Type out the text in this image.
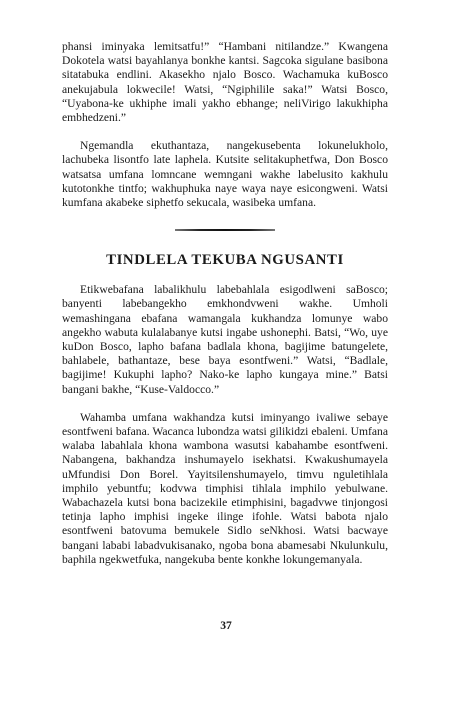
phansi iminyaka lemitsatfu!” “Hambani nitilandze.” Kwangena Dokotela watsi bayahlanya bonkhe kantsi. Sagcoka sigulane basibona sitatabuka endlini. Akasekho njalo Bosco. Wachamuka kuBosco anekujabula lokwecile! Watsi, “Ngiphilile saka!” Watsi Bosco, “Uyabona-ke ukhiphe imali yakho ebhange; neliVirigo lakukhipha embhedzeni.”

Ngemandla ekuthantaza, nangekusebenta lokunelukholo, lachubeka lisontfo late laphela. Kutsite selitakuphetfwa, Don Bosco watsatsa umfana lomncane wemngani wakhe labelusito kakhulu kutotonkhe tintfo; wakhuphuka naye waya naye esicongweni. Watsi kumfana akabeke siphetfo sekucala, wasibeka umfana.

TINDLELA TEKUBA NGUSANTI

Etikwebafana labalikhulu labebahlala esigodlweni saBosco; banyenti labebangekho emkhondvweni wakhe. Umholi wemashingana ebafana wamangala kukhandza lomunye wabo angekho wabuta kulalabanye kutsi ingabe ushonephi. Batsi, “Wo, uye kuDon Bosco, lapho bafana badlala khona, bagijime batungelete, bahlabele, bathantaze, bese baya esontfweni.” Watsi, “Badlale, bagijime! Kukuphi lapho? Nako-ke lapho kungaya mine.” Batsi bangani bakhe, “Kuse-Valdocco.”

Wahamba umfana wakhandza kutsi iminyango ivaliwe sebaye esontfweni bafana. Wacanca lubondza watsi gilikidzi ebaleni. Umfana walaba labahlala khona wambona wasutsi kabahambe esontfweni. Nabangena, bakhandza inshumayelo isekhatsi. Kwakushumayela uMfundisi Don Borel. Yayitsilenshumayelo, timvu nguletihlala imphilo yebuntfu; kodvwa timphisi tihlala imphilo yebulwane. Wabachazela kutsi bona bacizekile etimphisini, bagadvwe tinjongosi tetinja lapho imphisi ingeke ilinge ifohle. Watsi babota njalo esontfweni batovuma bemukele Sidlo seNkhosi. Watsi bacwaye bangani lababi labadvukisanako, ngoba bona abamesabi Nkulunkulu, baphila ngekwetfuka, nangekuba bente konkhe lokungemanyala.

37
